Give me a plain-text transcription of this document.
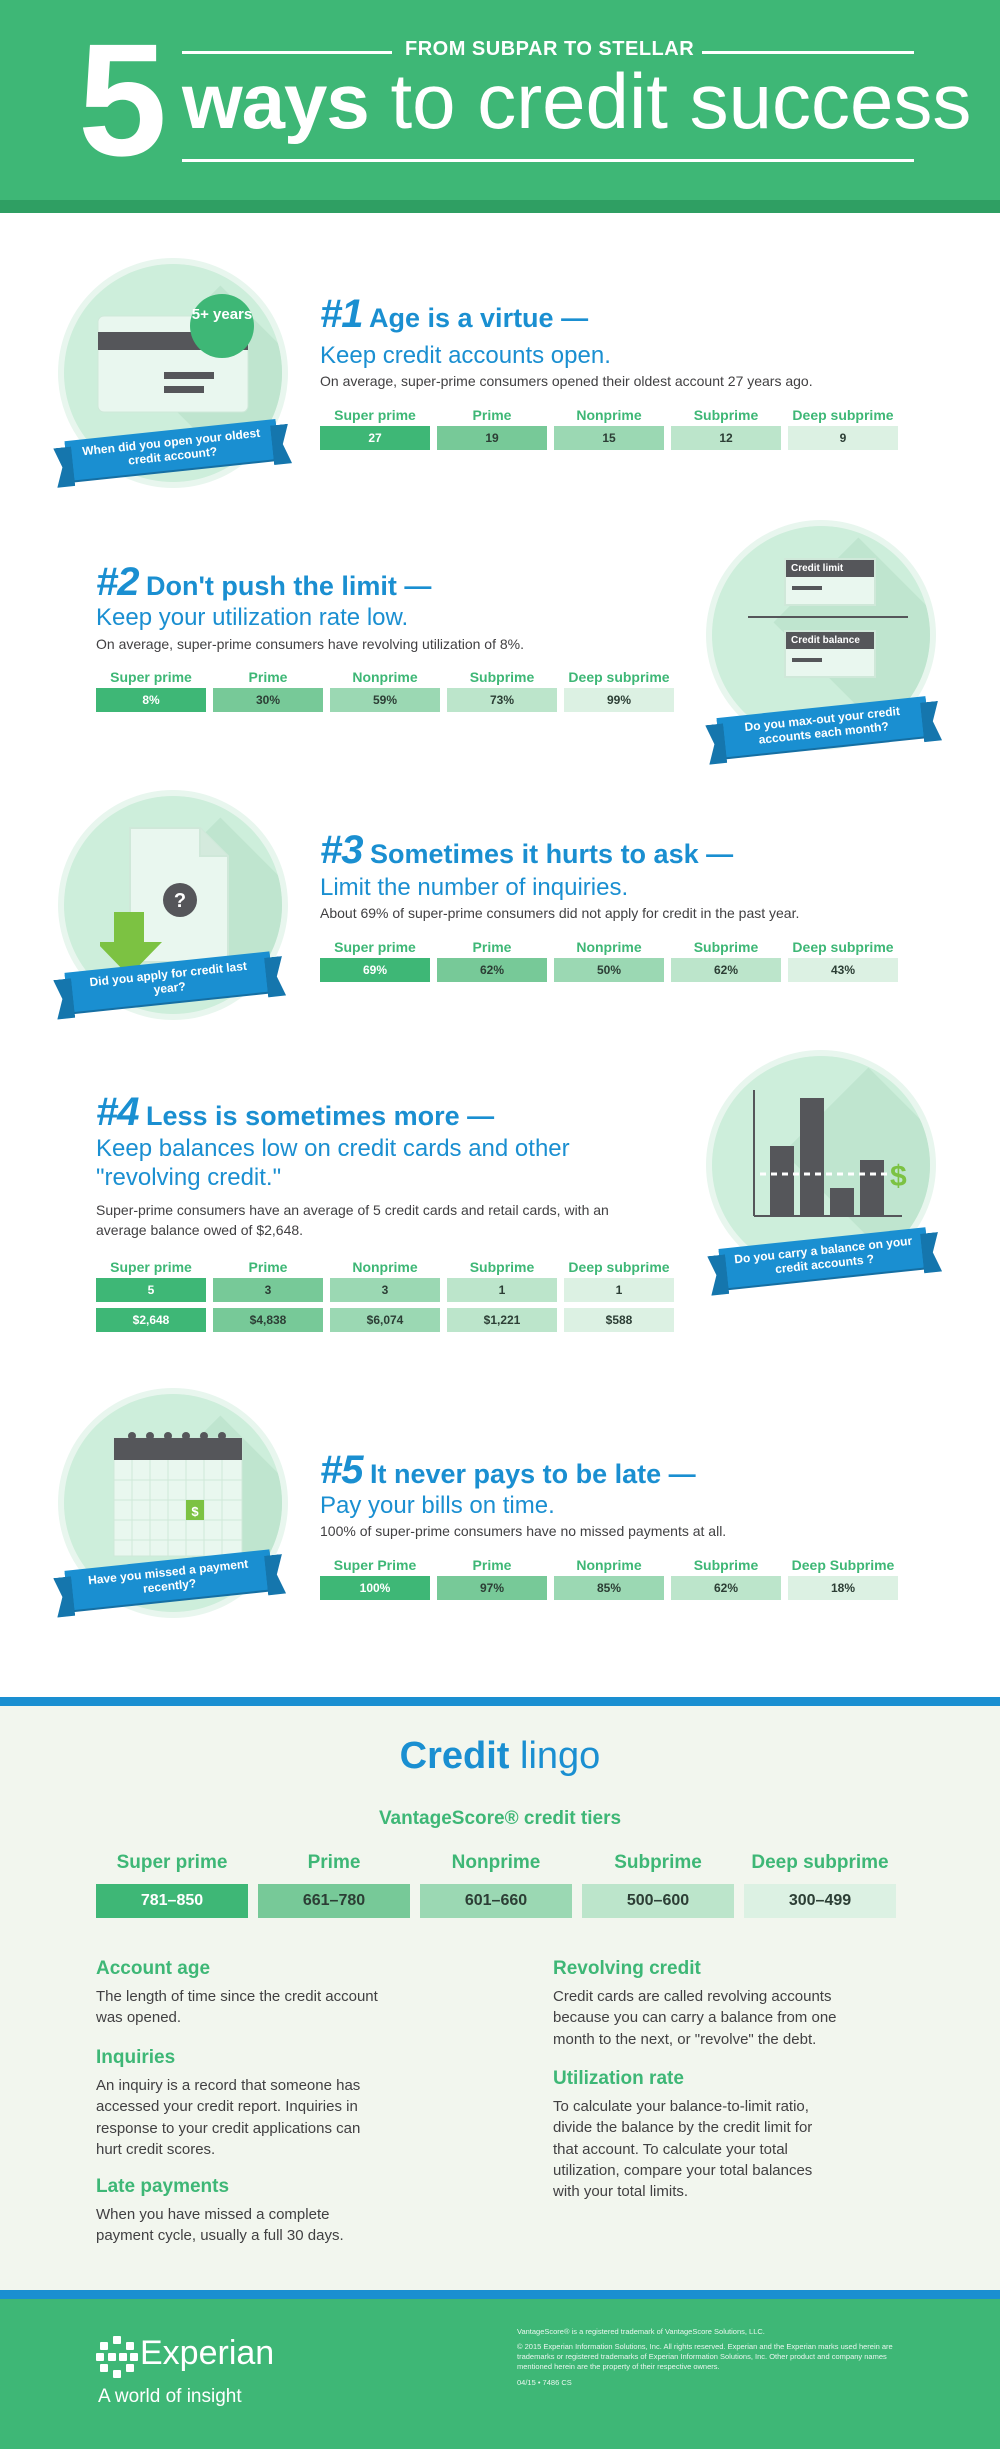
5	FROM SUBPAR TO STELLAR
ways to credit success
5+ years
When did you open your oldest credit account?
#1 Age is a virtue —
Keep credit accounts open.
On average, super-prime consumers opened their oldest account 27 years ago.
Super prime
27
Prime
19
Nonprime
15
Subprime
12
Deep subprime
9
#2 Don't push the limit —
Keep your utilization rate low.
On average, super-prime consumers have revolving utilization of 8%.
Super prime
8%
Prime
30%
Nonprime
59%
Subprime
73%
Deep subprime
99%
Credit limit
Credit balance
Do you max-out your credit accounts each month?
?
Did you apply for credit last year?
#3 Sometimes it hurts to ask —
Limit the number of inquiries.
About 69% of super-prime consumers did not apply for credit in the past year.
Super prime
69%
Prime
62%
Nonprime
50%
Subprime
62%
Deep subprime
43%
#4 Less is sometimes more —
Keep balances low on credit cards and other "revolving credit."
Super-prime consumers have an average of 5 credit cards and retail cards, with an average balance owed of $2,648.
Super prime
5
$2,648
Prime
3
$4,838
Nonprime
3
$6,074
Subprime
1
$1,221
Deep subprime
1
$588
$
Do you carry a balance on your credit accounts ?
$
Have you missed a payment recently?
#5 It never pays to be late —
Pay your bills on time.
100% of super-prime consumers have no missed payments at all.
Super Prime
100%
Prime
97%
Nonprime
85%
Subprime
62%
Deep Subprime
18%
Credit lingo
VantageScore® credit tiers
Super prime
781–850
Prime
661–780
Nonprime
601–660
Subprime
500–600
Deep subprime
300–499
Account age
The length of time since the credit account was opened.
Inquiries
An inquiry is a record that someone has accessed your credit report. Inquiries in response to your credit applications can hurt credit scores.
Late payments
When you have missed a complete payment cycle, usually a full 30 days.
Revolving credit
Credit cards are called revolving accounts because you can carry a balance from one month to the next, or "revolve" the debt.
Utilization rate
To calculate your balance-to-limit ratio, divide the balance by the credit limit for that account. To calculate your total utilization, compare your total balances with your total limits.
Experian
A world of insight

VantageScore® is a registered trademark of VantageScore Solutions, LLC.

© 2015 Experian Information Solutions, Inc. All rights reserved. Experian and the Experian marks used herein are trademarks or registered trademarks of Experian Information Solutions, Inc. Other product and company names mentioned herein are the property of their respective owners.

04/15 • 7486 CS
